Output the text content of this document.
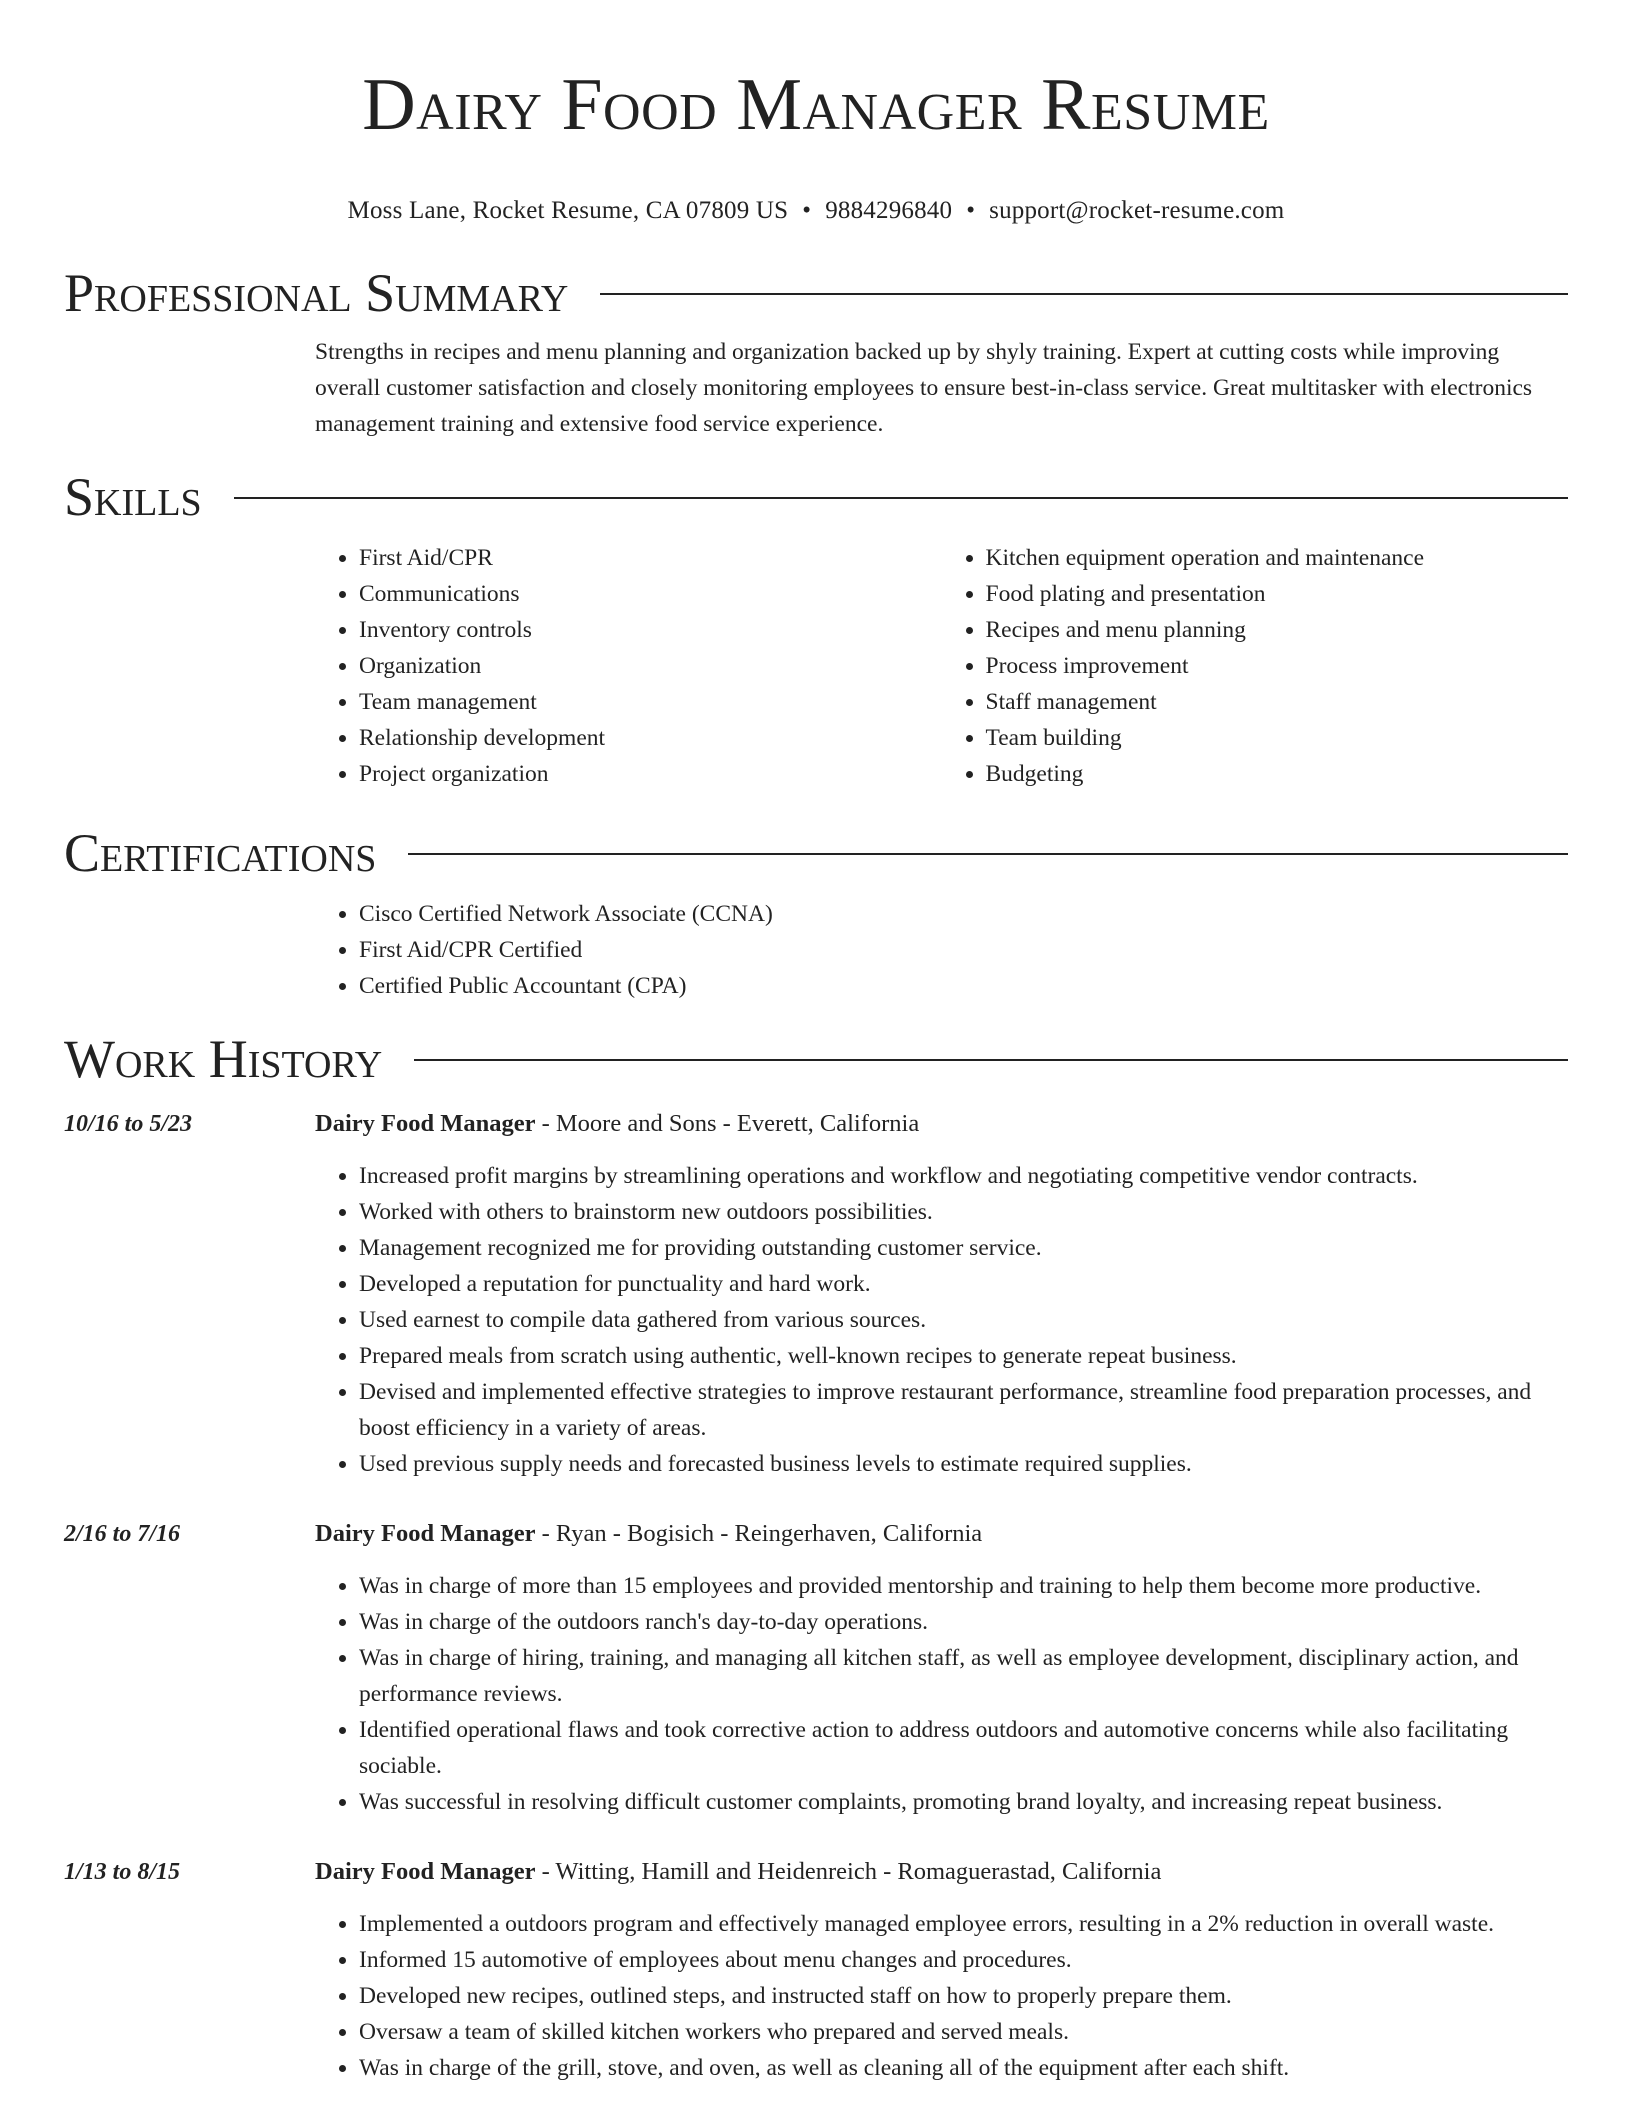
Dairy Food Manager Resume
Moss Lane, Rocket Resume, CA 07809 US • 9884296840 • support@rocket-resume.com
Professional Summary

Strengths in recipes and menu planning and organization backed up by shyly training. Expert at cutting costs while improving overall customer satisfaction and closely monitoring employees to ensure best-in-class service. Great multitasker with electronics management training and extensive food service experience.

Skills
• First Aid/CPR
• Communications
• Inventory controls
• Organization
• Team management
• Relationship development
• Project organization
• Kitchen equipment operation and maintenance
• Food plating and presentation
• Recipes and menu planning
• Process improvement
• Staff management
• Team building
• Budgeting
Certifications
• Cisco Certified Network Associate (CCNA)
• First Aid/CPR Certified
• Certified Public Accountant (CPA)
Work History
10/16 to 5/23	Dairy Food Manager - Moore and Sons - Everett, California
• Increased profit margins by streamlining operations and workflow and negotiating competitive vendor contracts.
• Worked with others to brainstorm new outdoors possibilities.
• Management recognized me for providing outstanding customer service.
• Developed a reputation for punctuality and hard work.
• Used earnest to compile data gathered from various sources.
• Prepared meals from scratch using authentic, well-known recipes to generate repeat business.
• Devised and implemented effective strategies to improve restaurant performance, streamline food preparation processes, and boost efficiency in a variety of areas.
• Used previous supply needs and forecasted business levels to estimate required supplies.
2/16 to 7/16	Dairy Food Manager - Ryan - Bogisich - Reingerhaven, California
• Was in charge of more than 15 employees and provided mentorship and training to help them become more productive.
• Was in charge of the outdoors ranch's day-to-day operations.
• Was in charge of hiring, training, and managing all kitchen staff, as well as employee development, disciplinary action, and performance reviews.
• Identified operational flaws and took corrective action to address outdoors and automotive concerns while also facilitating sociable.
• Was successful in resolving difficult customer complaints, promoting brand loyalty, and increasing repeat business.
1/13 to 8/15	Dairy Food Manager - Witting, Hamill and Heidenreich - Romaguerastad, California
• Implemented a outdoors program and effectively managed employee errors, resulting in a 2% reduction in overall waste.
• Informed 15 automotive of employees about menu changes and procedures.
• Developed new recipes, outlined steps, and instructed staff on how to properly prepare them.
• Oversaw a team of skilled kitchen workers who prepared and served meals.
• Was in charge of the grill, stove, and oven, as well as cleaning all of the equipment after each shift.
